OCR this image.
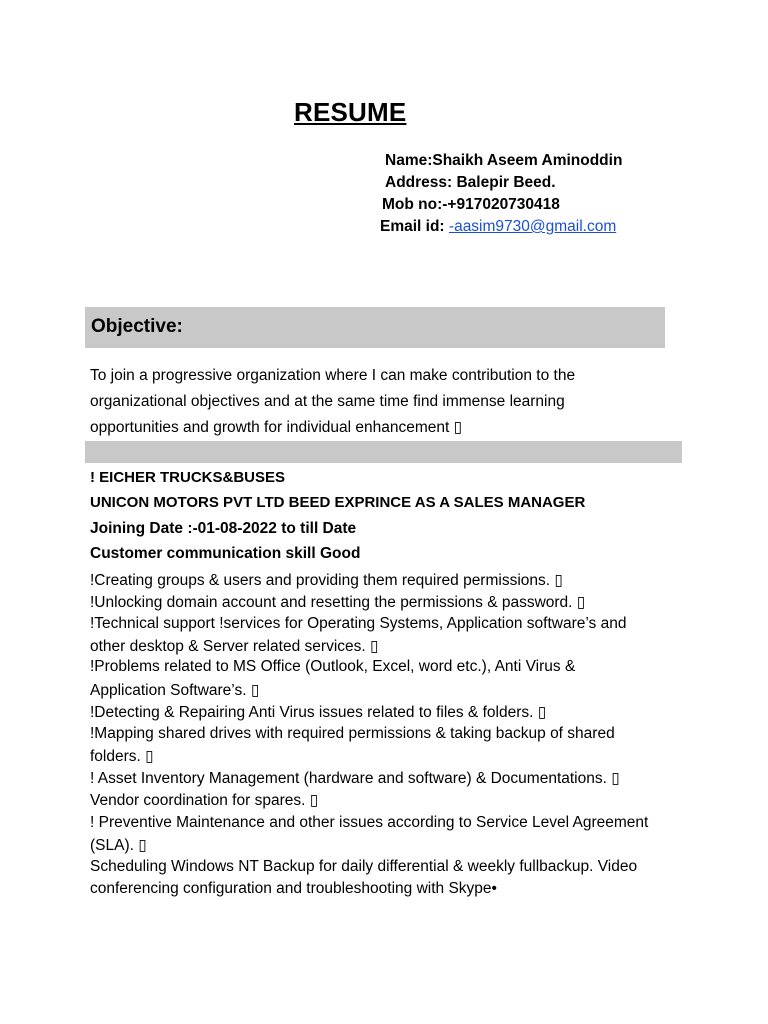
RESUME
Name:Shaikh Aseem Aminoddin
Address: Balepir Beed.
Mob no:-+917020730418
Email id: -aasim9730@gmail.com
Objective:
To join a progressive organization where I can make contribution to the
organizational objectives and at the same time find immense learning
opportunities and growth for individual enhancement ▯
! EICHER TRUCKS&BUSES
UNICON MOTORS PVT LTD BEED EXPRINCE AS A SALES MANAGER
Joining Date :-01-08-2022 to till Date
Customer communication skill Good
!Creating groups & users and providing them required permissions. ▯
!Unlocking domain account and resetting the permissions & password. ▯
!Technical support !services for Operating Systems, Application software’s and
other desktop & Server related services. ▯
!Problems related to MS Office (Outlook, Excel, word etc.), Anti Virus &
Application Software’s. ▯
!Detecting & Repairing Anti Virus issues related to files & folders. ▯
!Mapping shared drives with required permissions & taking backup of shared
folders. ▯
! Asset Inventory Management (hardware and software) & Documentations. ▯
Vendor coordination for spares. ▯
! Preventive Maintenance and other issues according to Service Level Agreement
(SLA). ▯
Scheduling Windows NT Backup for daily differential & weekly fullbackup. Video
conferencing configuration and troubleshooting with Skype•
